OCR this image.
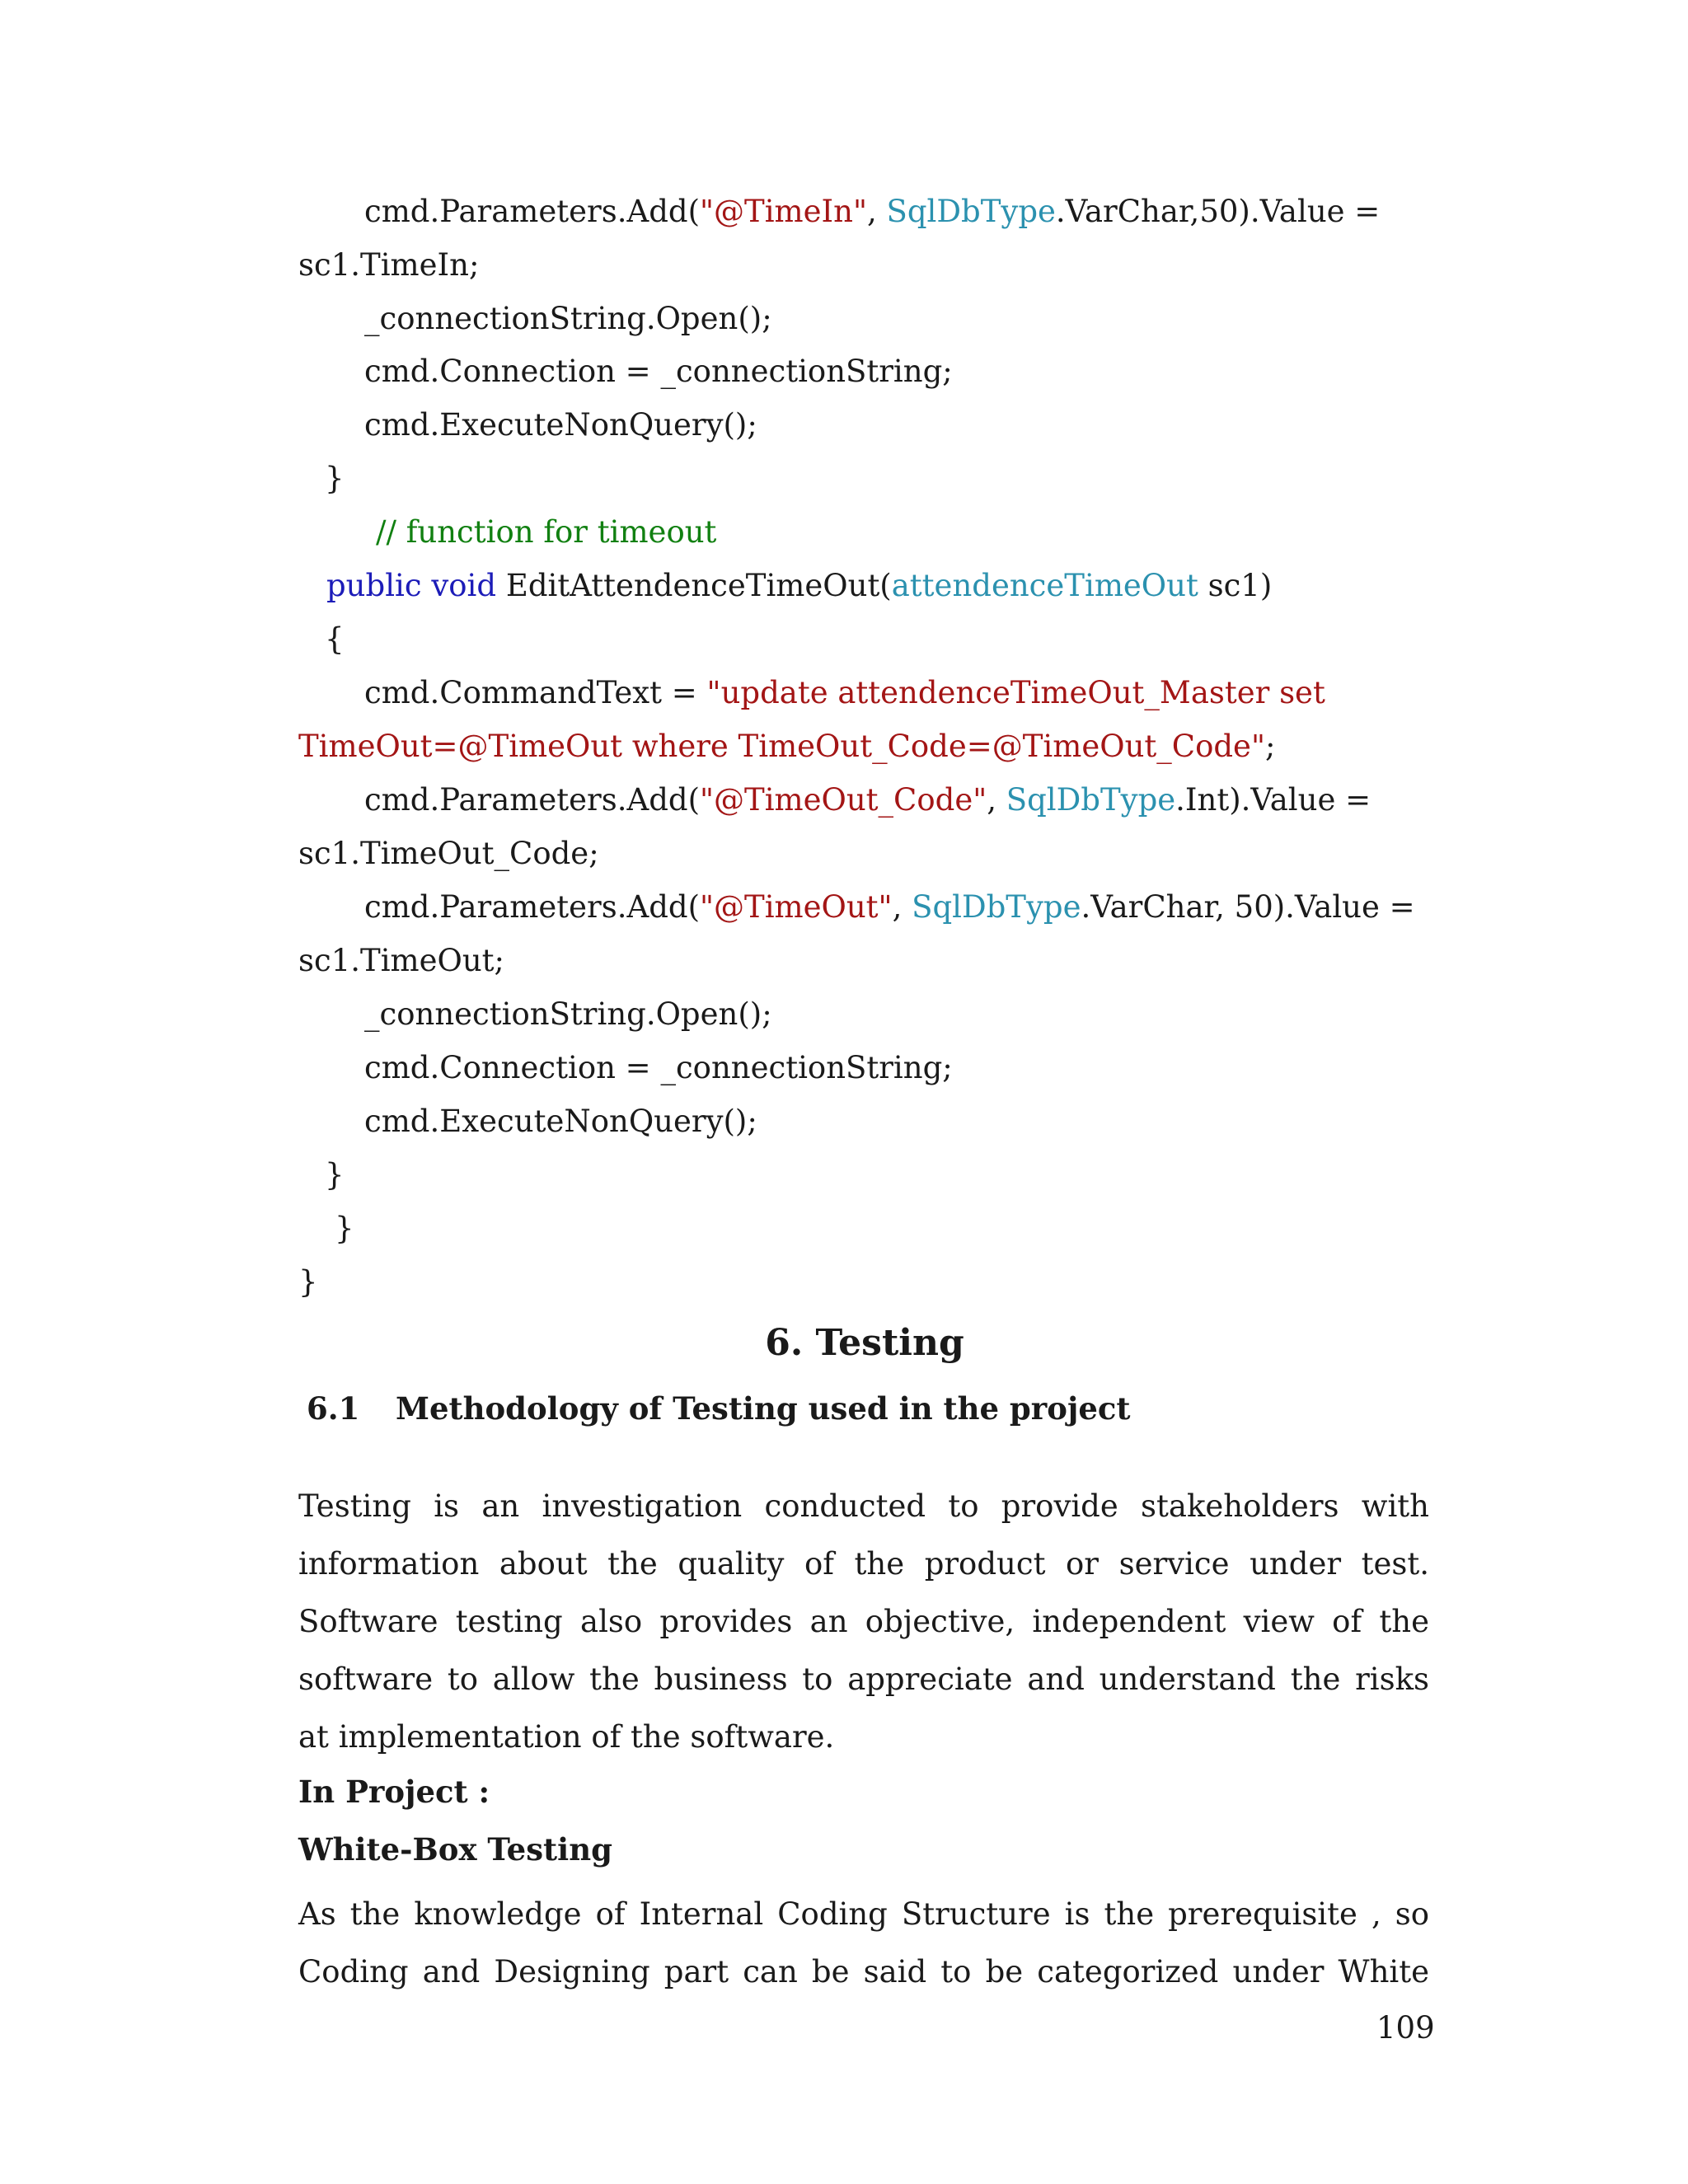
cmd.Parameters.Add("@TimeIn", SqlDbType.VarChar,50).Value =
sc1.TimeIn;
_connectionString.Open();
cmd.Connection = _connectionString;
cmd.ExecuteNonQuery();
}
// function for timeout
public void EditAttendenceTimeOut(attendenceTimeOut sc1)
{
cmd.CommandText = "update attendenceTimeOut_Master set
TimeOut=@TimeOut where TimeOut_Code=@TimeOut_Code";
cmd.Parameters.Add("@TimeOut_Code", SqlDbType.Int).Value =
sc1.TimeOut_Code;
cmd.Parameters.Add("@TimeOut", SqlDbType.VarChar, 50).Value =
sc1.TimeOut;
_connectionString.Open();
cmd.Connection = _connectionString;
cmd.ExecuteNonQuery();
}
}
}
6. Testing
6.1 Methodology of Testing used in the project
Testing is an investigation conducted to provide stakeholders with
information about the quality of the product or service under test.
Software testing also provides an objective, independent view of the
software to allow the business to appreciate and understand the risks
at implementation of the software.
In Project :
White-Box Testing
As the knowledge of Internal Coding Structure is the prerequisite , so
Coding and Designing part can be said to be categorized under White
109
